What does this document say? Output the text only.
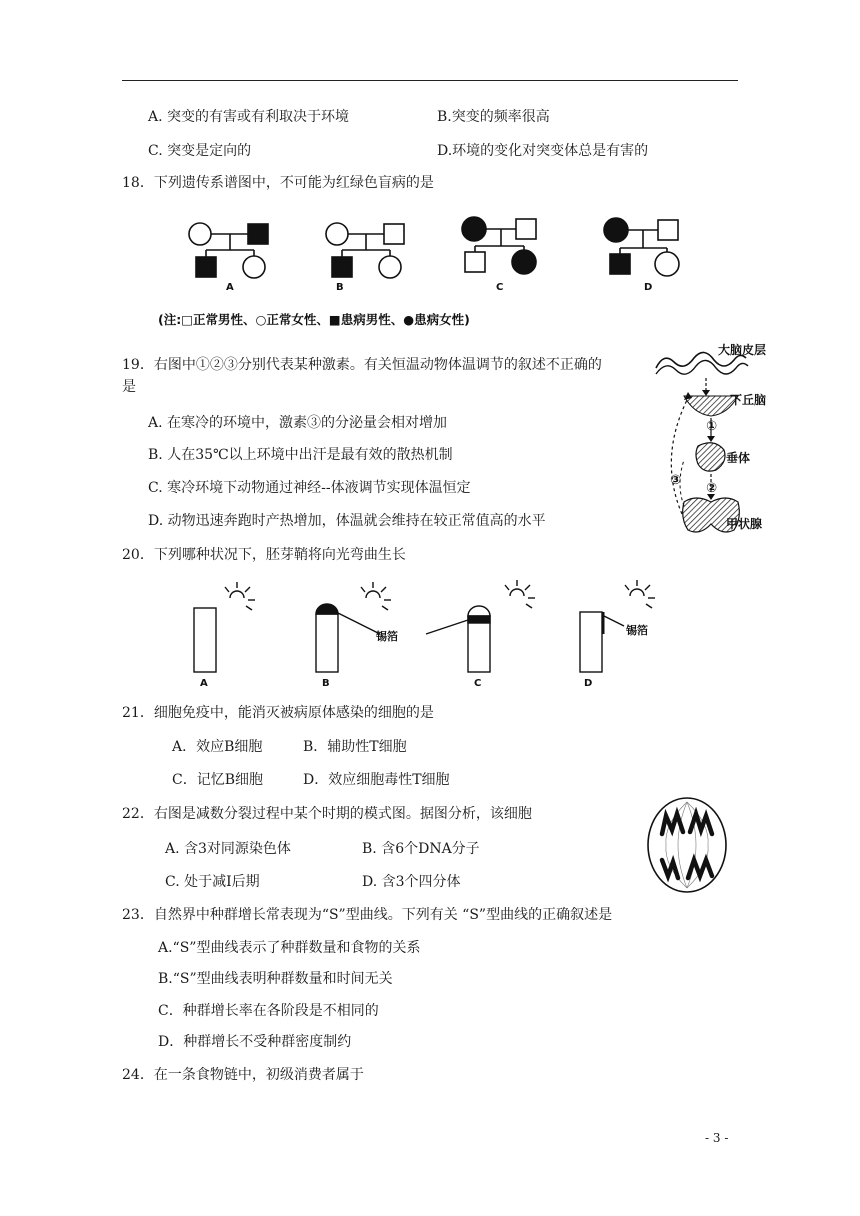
A. 突变的有害或有利取决于环境	B.突变的频率很高
C. 突变是定向的	D.环境的变化对突变体总是有害的
18．下列遗传系谱图中，不可能为红绿色盲病的是
A	B	C	D
(注:□正常男性、○正常女性、■患病男性、●患病女性)
19．右图中①②③分别代表某种激素。有关恒温动物体温调节的叙述不正确的
是
A. 在寒冷的环境中，激素③的分泌量会相对增加
B. 人在35℃以上环境中出汗是最有效的散热机制
C. 寒冷环境下动物通过神经--体液调节实现体温恒定
D. 动物迅速奔跑时产热增加，体温就会维持在较正常值高的水平
大脑皮层
下丘脑
①
垂体
②
甲状腺
③
20．下列哪种状况下，胚芽鞘将向光弯曲生长
锡箔	锡箔
A	B	C	D
21．细胞免疫中，能消灭被病原体感染的细胞的是
A．效应B细胞	B．辅助性T细胞
C．记忆B细胞	D．效应细胞毒性T细胞
22．右图是减数分裂过程中某个时期的模式图。据图分析，该细胞
A. 含3对同源染色体	B. 含6个DNA分子
C. 处于减Ⅰ后期	D. 含3个四分体
23．自然界中种群增长常表现为“S”型曲线。下列有关 “S”型曲线的正确叙述是
A.“S”型曲线表示了种群数量和食物的关系
B.“S”型曲线表明种群数量和时间无关
C．种群增长率在各阶段是不相同的
D．种群增长不受种群密度制约
24．在一条食物链中，初级消费者属于
- 3 -
